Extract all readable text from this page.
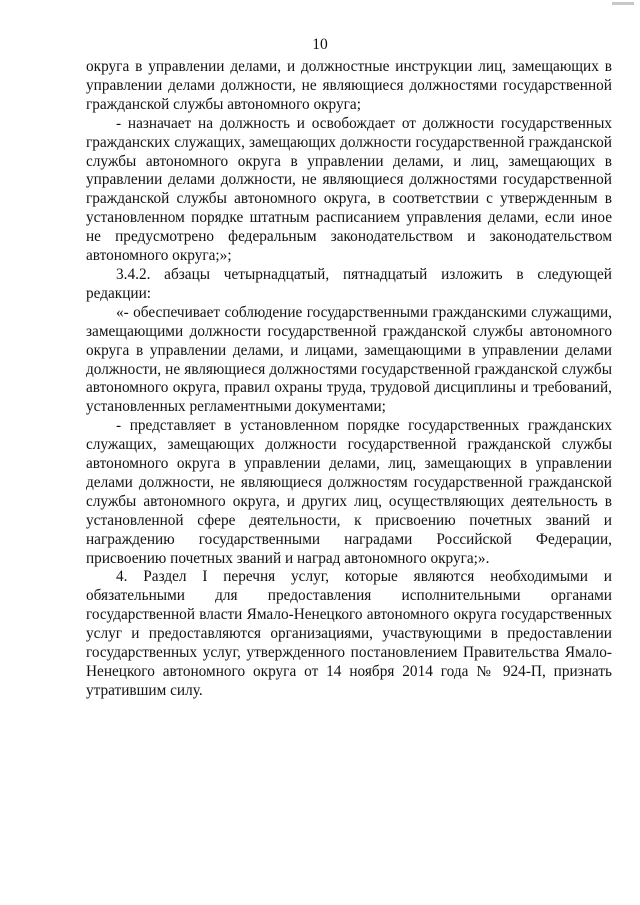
10

округа в управлении делами, и должностные инструкции лиц, замещающих в управлении делами должности, не являющиеся должностями государственной гражданской службы автономного округа;

- назначает на должность и освобождает от должности государственных гражданских служащих, замещающих должности государственной гражданской службы автономного округа в управлении делами, и лиц, замещающих в управлении делами должности, не являющиеся должностями государственной гражданской службы автономного округа, в соответствии с утвержденным в установленном порядке штатным расписанием управления делами, если иное не предусмотрено федеральным законодательством и законодательством автономного округа;»;

3.4.2. абзацы четырнадцатый, пятнадцатый изложить в следующей редакции:

«- обеспечивает соблюдение государственными гражданскими служащими, замещающими должности государственной гражданской службы автономного округа в управлении делами, и лицами, замещающими в управлении делами должности, не являющиеся должностями государственной гражданской службы автономного округа, правил охраны труда, трудовой дисциплины и требований, установленных регламентными документами;

- представляет в установленном порядке государственных гражданских служащих, замещающих должности государственной гражданской службы автономного округа в управлении делами, лиц, замещающих в управлении делами должности, не являющиеся должностям государственной гражданской службы автономного округа, и других лиц, осуществляющих деятельность в установленной сфере деятельности, к присвоению почетных званий и награждению государственными наградами Российской Федерации, присвоению почетных званий и наград автономного округа;».

4. Раздел I перечня услуг, которые являются необходимыми и обязательными для предоставления исполнительными органами государственной власти Ямало-Ненецкого автономного округа государственных услуг и предоставляются организациями, участвующими в предоставлении государственных услуг, утвержденного постановлением Правительства Ямало-Ненецкого автономного округа от 14 ноября 2014 года № 924-П, признать утратившим силу.
